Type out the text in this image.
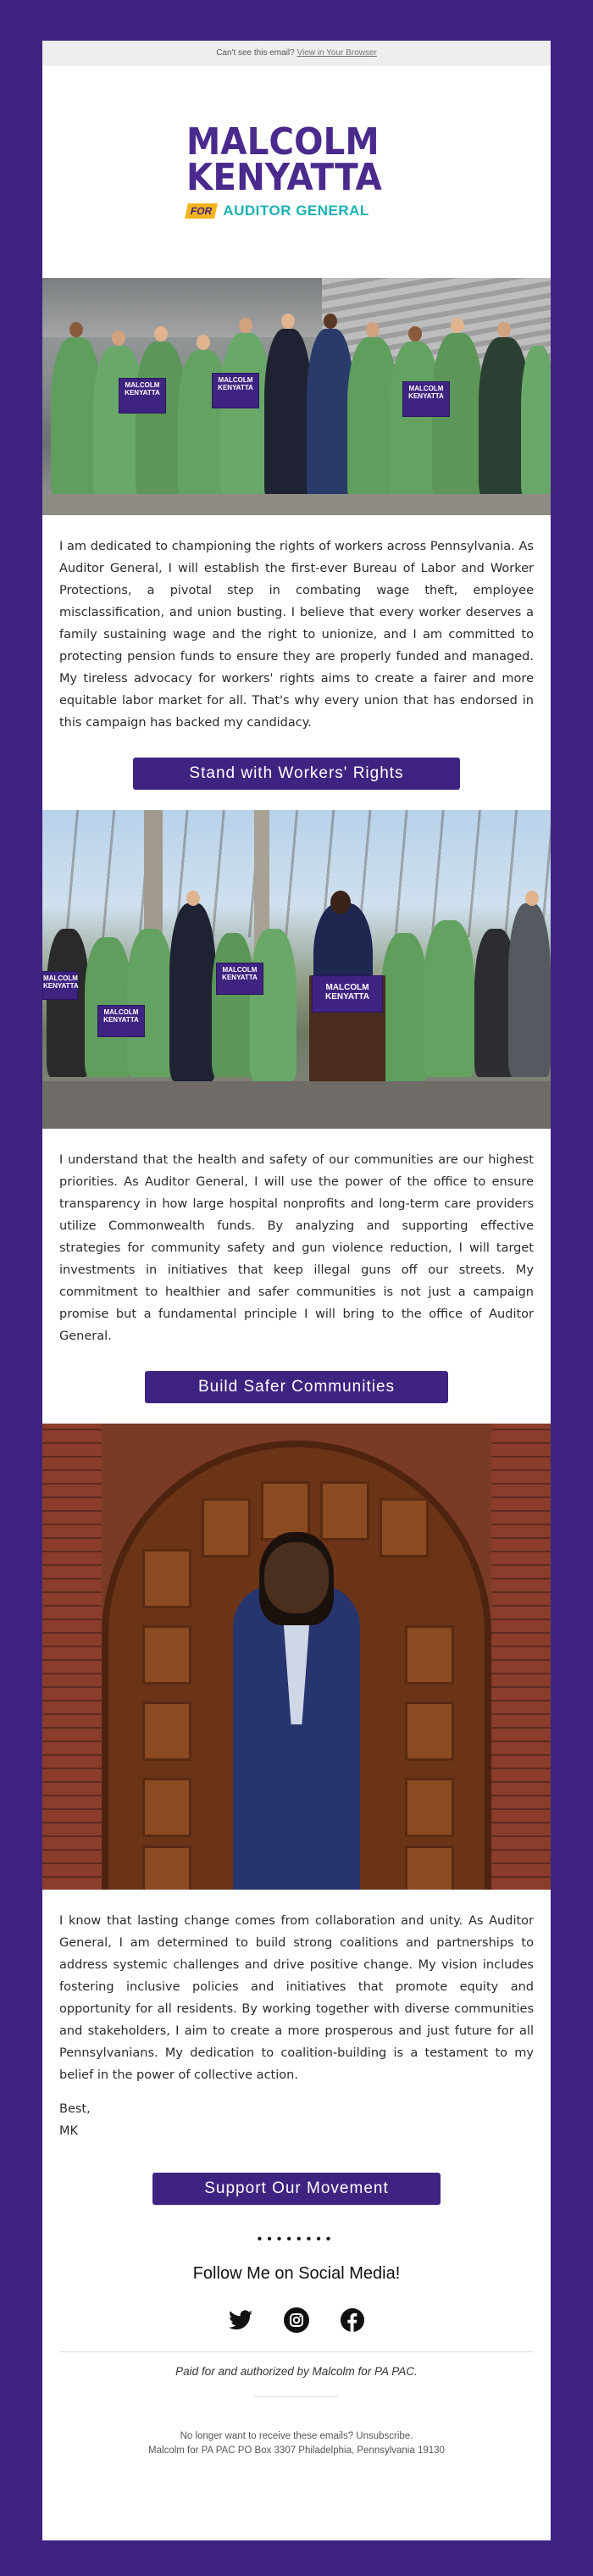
Can't see this email? View in Your Browser
MALCOLM
KENYATTA
FOR AUDITOR GENERAL
MALCOLM
KENYATTA
MALCOLM
KENYATTA	MALCOLM
KENYATTA
I am dedicated to championing the rights of workers across Pennsylvania. As Auditor General, I will establish the first-ever Bureau of Labor and Worker Protections, a pivotal step in combating wage theft, employee misclassification, and union busting. I believe that every worker deserves a family sustaining wage and the right to unionize, and I am committed to protecting pension funds to ensure they are properly funded and managed. My tireless advocacy for workers' rights aims to create a fairer and more equitable labor market for all. That's why every union that has endorsed in this campaign has backed my candidacy.
Stand with Workers' Rights
MALCOLM
KENYATTA
MALCOLM
KENYATTA
MALCOLM
KENYATTA
MALCOLM
KENYATTA
I understand that the health and safety of our communities are our highest priorities. As Auditor General, I will use the power of the office to ensure transparency in how large hospital nonprofits and long-term care providers utilize Commonwealth funds. By analyzing and supporting effective strategies for community safety and gun violence reduction, I will target investments in initiatives that keep illegal guns off our streets. My commitment to healthier and safer communities is not just a campaign promise but a fundamental principle I will bring to the office of Auditor General.
Build Safer Communities
I know that lasting change comes from collaboration and unity. As Auditor General, I am determined to build strong coalitions and partnerships to address systemic challenges and drive positive change. My vision includes fostering inclusive policies and initiatives that promote equity and opportunity for all residents. By working together with diverse communities and stakeholders, I aim to create a more prosperous and just future for all Pennsylvanians. My dedication to coalition-building is a testament to my belief in the power of collective action.
Best,
MK
Support Our Movement
••••••••
Follow Me on Social Media!
Paid for and authorized by Malcolm for PA PAC.
No longer want to receive these emails? Unsubscribe.
Malcolm for PA PAC PO Box 3307 Philadelphia, Pennsylvania 19130
